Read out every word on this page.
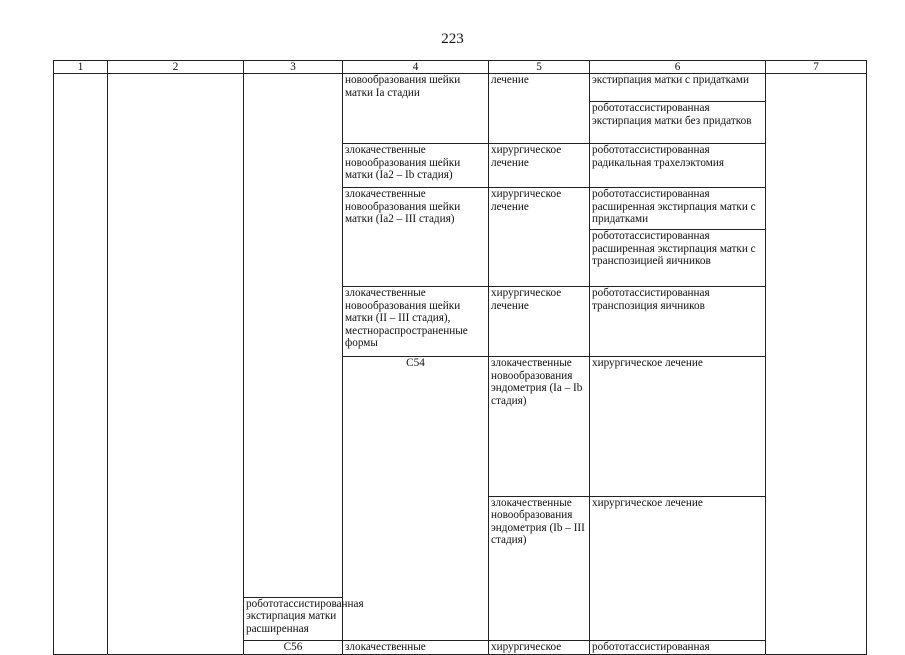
223
1	2	3	4	5	6	7	
			новообразования шейки матки Ia стадии	лечение	экстирпация матки с придатками		
					робототассистированная экстирпация матки без придатков		
			злокачественные новообразования шейки матки (Ia2 – Ib стадия)	хирургическое лечение	робототассистированная радикальная трахелэктомия		
			злокачественные новообразования шейки матки (Ia2 – III стадия)	хирургическое лечение	робототассистированная расширенная экстирпация матки с придатками		
					робототассистированная расширенная экстирпация матки с транспозицией яичников		
			злокачественные новообразования шейки матки (II – III стадия), местнораспространенные формы	хирургическое лечение	робототассистированная транспозиция яичников		
			C54	злокачественные новообразования эндометрия (Ia – Ib стадия)	хирургическое лечение	

				злокачественные новообразования эндометрия (Ib – III стадия)	хирургическое лечение	
		робототассистированная экстирпация матки расширенная					
		C56	злокачественные	хирургическое	робототассистированная		
